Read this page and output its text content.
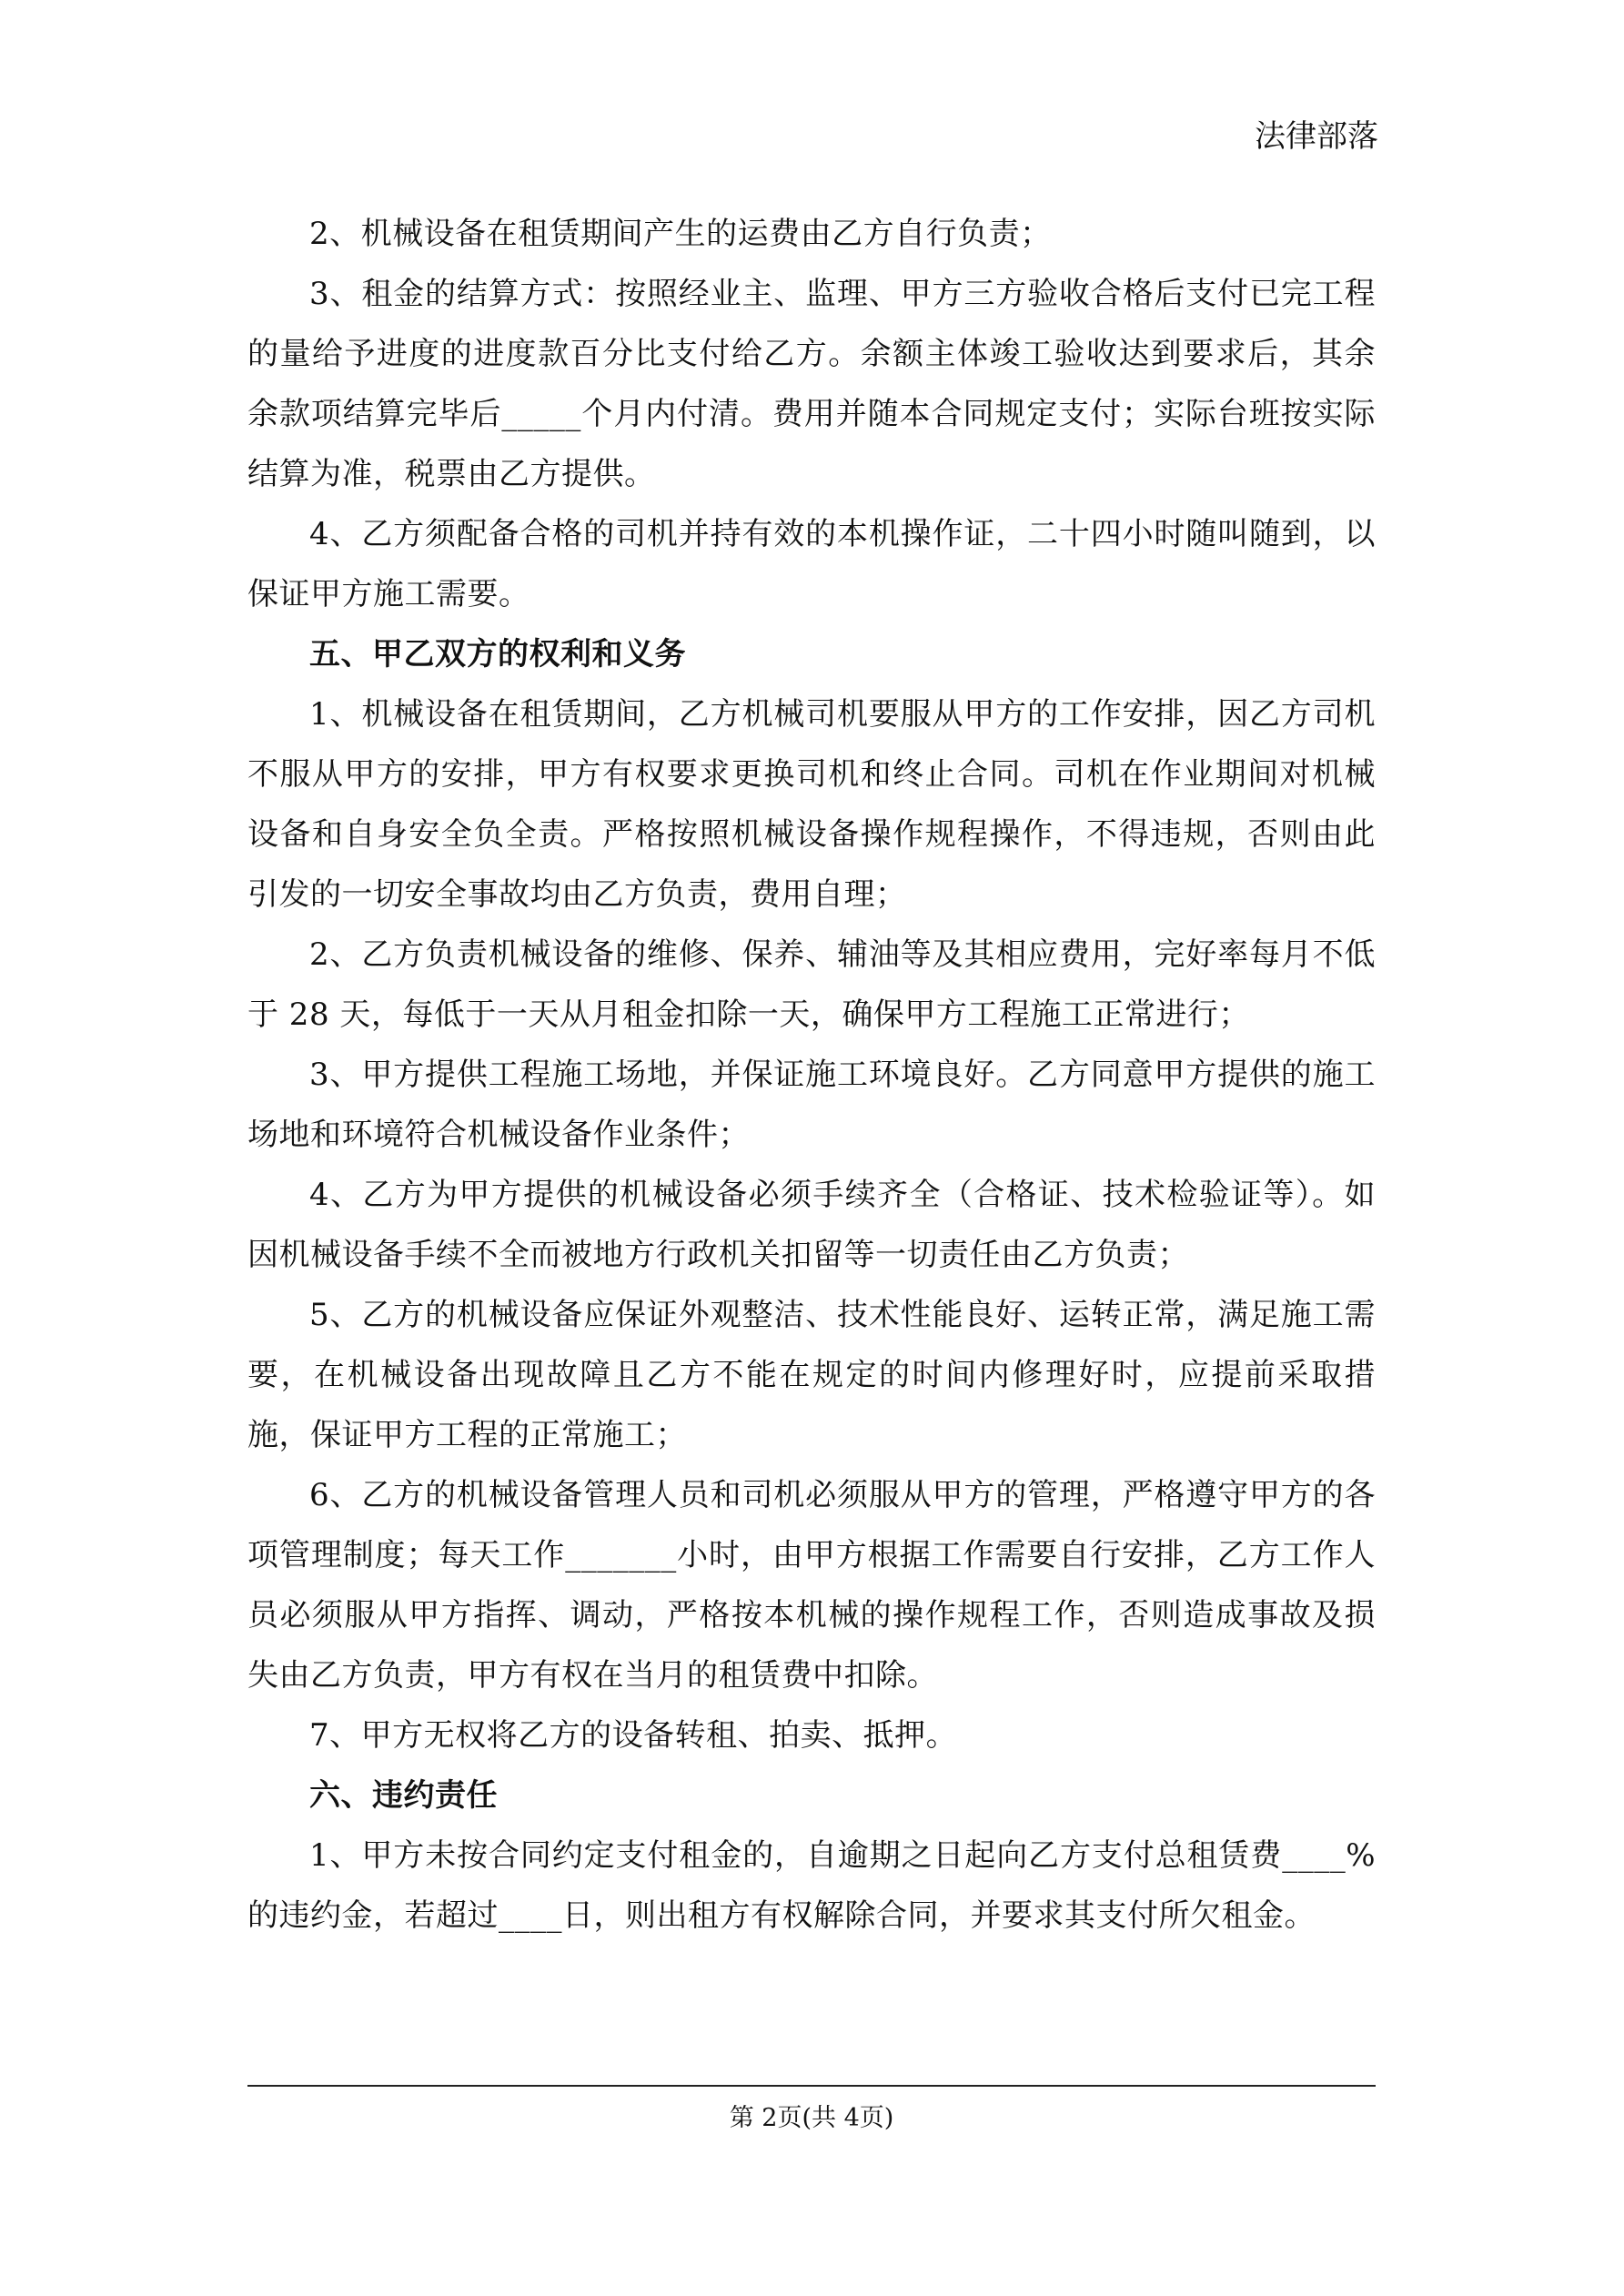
法律部落

2、机械设备在租赁期间产生的运费由乙方自行负责；

3、租金的结算方式：按照经业主、监理、甲方三方验收合格后支付已完工程的量给予进度的进度款百分比支付给乙方。余额主体竣工验收达到要求后，其余余款项结算完毕后_____个月内付清。费用并随本合同规定支付；实际台班按实际结算为准，税票由乙方提供。

4、乙方须配备合格的司机并持有效的本机操作证，二十四小时随叫随到，以保证甲方施工需要。

五、甲乙双方的权利和义务

1、机械设备在租赁期间，乙方机械司机要服从甲方的工作安排，因乙方司机不服从甲方的安排，甲方有权要求更换司机和终止合同。司机在作业期间对机械设备和自身安全负全责。严格按照机械设备操作规程操作，不得违规，否则由此引发的一切安全事故均由乙方负责，费用自理；

2、乙方负责机械设备的维修、保养、辅油等及其相应费用，完好率每月不低于 28 天，每低于一天从月租金扣除一天，确保甲方工程施工正常进行；

3、甲方提供工程施工场地，并保证施工环境良好。乙方同意甲方提供的施工场地和环境符合机械设备作业条件；

4、乙方为甲方提供的机械设备必须手续齐全（合格证、技术检验证等）。如因机械设备手续不全而被地方行政机关扣留等一切责任由乙方负责；

5、乙方的机械设备应保证外观整洁、技术性能良好、运转正常，满足施工需要，在机械设备出现故障且乙方不能在规定的时间内修理好时，应提前采取措施，保证甲方工程的正常施工；

6、乙方的机械设备管理人员和司机必须服从甲方的管理，严格遵守甲方的各项管理制度；每天工作_______小时，由甲方根据工作需要自行安排，乙方工作人员必须服从甲方指挥、调动，严格按本机械的操作规程工作，否则造成事故及损失由乙方负责，甲方有权在当月的租赁费中扣除。

7、甲方无权将乙方的设备转租、拍卖、抵押。

六、违约责任

1、甲方未按合同约定支付租金的，自逾期之日起向乙方支付总租赁费____%的违约金，若超过____日，则出租方有权解除合同，并要求其支付所欠租金。

第 2页(共 4页)
